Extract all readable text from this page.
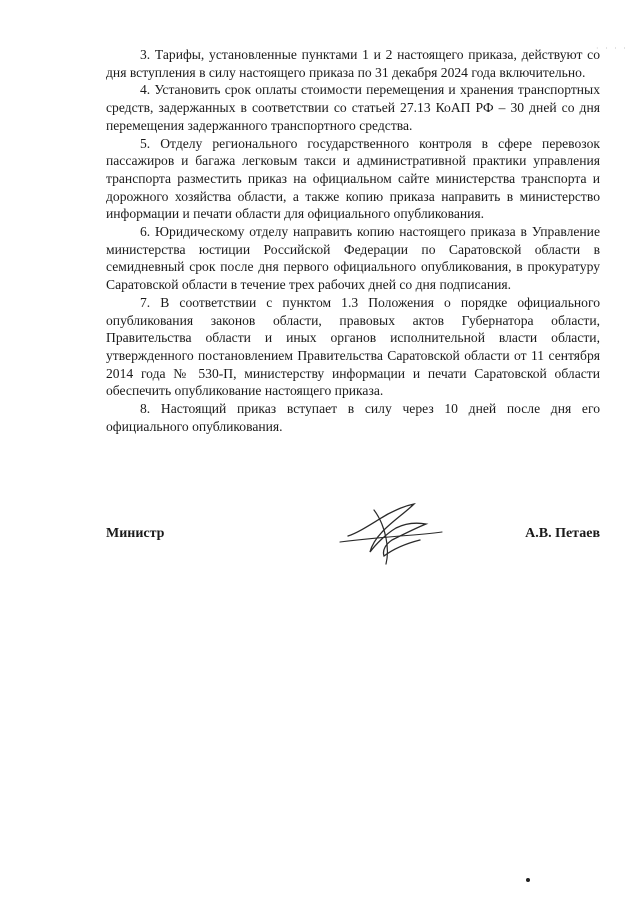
· · · ·

3. Тарифы, установленные пунктами 1 и 2 настоящего приказа, действуют со дня вступления в силу настоящего приказа по 31 декабря 2024 года включительно.

4. Установить срок оплаты стоимости перемещения и хранения транспортных средств, задержанных в соответствии со статьей 27.13 КоАП РФ – 30 дней со дня перемещения задержанного транспортного средства.

5. Отделу регионального государственного контроля в сфере перевозок пассажиров и багажа легковым такси и административной практики управления транспорта разместить приказ на официальном сайте министерства транспорта и дорожного хозяйства области, а также копию приказа направить в министерство информации и печати области для официального опубликования.

6. Юридическому отделу направить копию настоящего приказа в Управление министерства юстиции Российской Федерации по Саратовской области в семидневный срок после дня первого официального опубликования, в прокуратуру Саратовской области в течение трех рабочих дней со дня подписания.

7. В соответствии с пунктом 1.3 Положения о порядке официального опубликования законов области, правовых актов Губернатора области, Правительства области и иных органов исполнительной власти области, утвержденного постановлением Правительства Саратовской области от 11 сентября 2014 года № 530-П, министерству информации и печати Саратовской области обеспечить опубликование настоящего приказа.

8. Настоящий приказ вступает в силу через 10 дней после дня его официального опубликования.

Министр	А.В. Петаев
